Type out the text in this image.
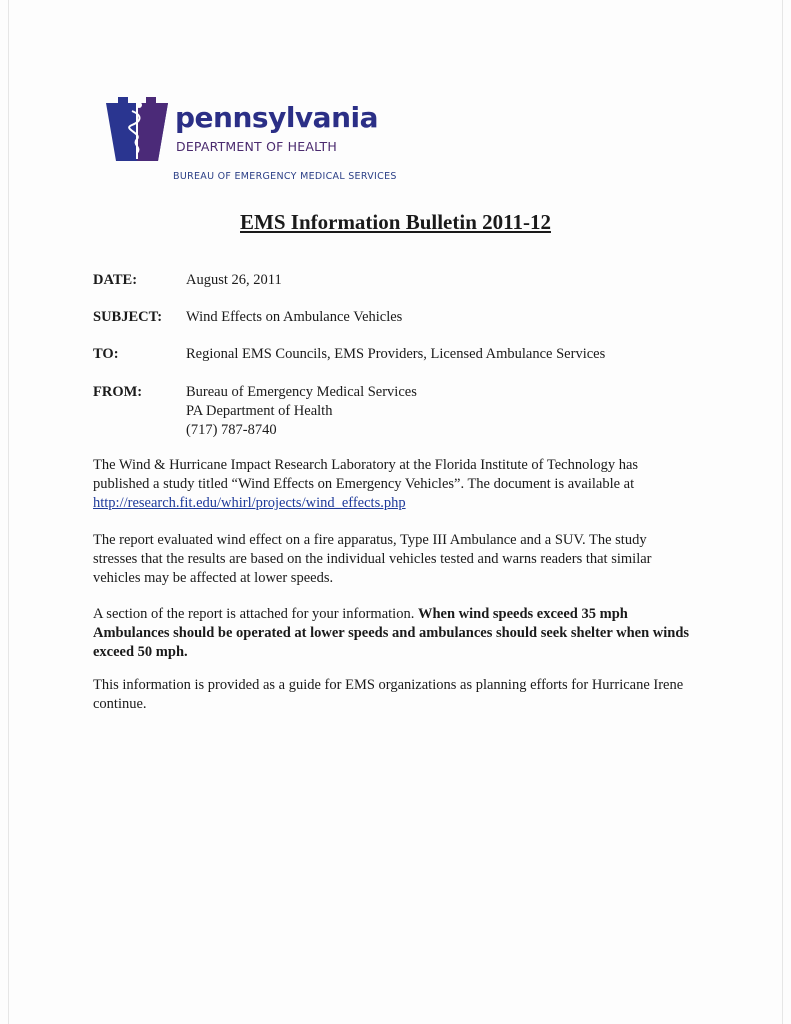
pennsylvania
DEPARTMENT OF HEALTH
BUREAU OF EMERGENCY MEDICAL SERVICES
EMS Information Bulletin 2011-12
DATE:	August 26, 2011
SUBJECT: Wind Effects on Ambulance Vehicles
TO:	Regional EMS Councils, EMS Providers, Licensed Ambulance Services
FROM:	Bureau of Emergency Medical Services
PA Department of Health
(717) 787-8740
The Wind & Hurricane Impact Research Laboratory at the Florida Institute of Technology has published a study titled “Wind Effects on Emergency Vehicles”. The document is available at http://research.fit.edu/whirl/projects/wind_effects.php
The report evaluated wind effect on a fire apparatus, Type III Ambulance and a SUV. The study stresses that the results are based on the individual vehicles tested and warns readers that similar vehicles may be affected at lower speeds.
A section of the report is attached for your information. When wind speeds exceed 35 mph Ambulances should be operated at lower speeds and ambulances should seek shelter when winds exceed 50 mph.
This information is provided as a guide for EMS organizations as planning efforts for Hurricane Irene continue.
